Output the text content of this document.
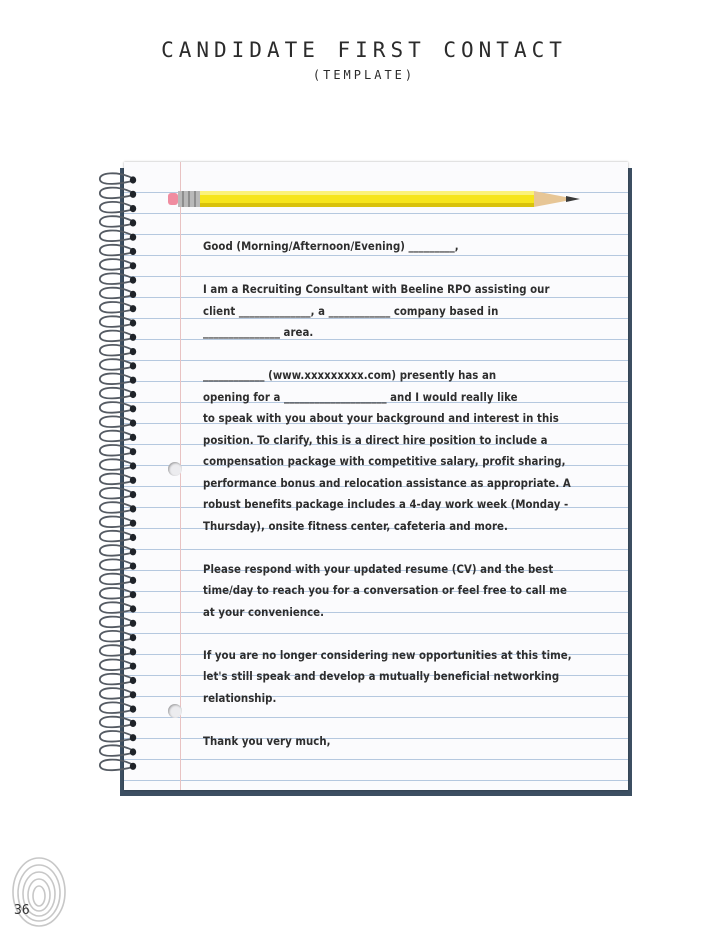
CANDIDATE FIRST CONTACT
(TEMPLATE)

Good (Morning/Afternoon/Evening) _________,

I am a Recruiting Consultant with Beeline RPO assisting our

client ______________, a ____________ company based in

_______________ area.

____________ (www.xxxxxxxxx.com) presently has an

opening for a ____________________ and I would really like

to speak with you about your background and interest in this

position. To clarify, this is a direct hire position to include a

compensation package with competitive salary, profit sharing,

performance bonus and relocation assistance as appropriate. A

robust benefits package includes a 4-day work week (Monday -

Thursday), onsite fitness center, cafeteria and more.

Please respond with your updated resume (CV) and the best

time/day to reach you for a conversation or feel free to call me

at your convenience.

If you are no longer considering new opportunities at this time,

let's still speak and develop a mutually beneficial networking

relationship.

Thank you very much,

36
